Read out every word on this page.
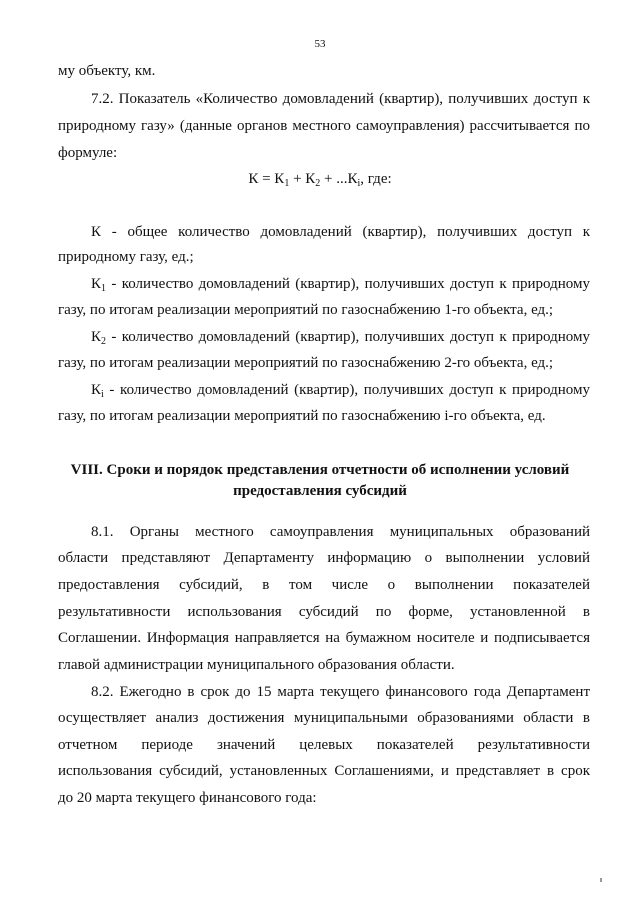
53
му объекту, км.
7.2. Показатель «Количество домовладений (квартир), получивших доступ к
природному газу» (данные органов местного самоуправления) рассчитывается по
формуле:
$К = К_1 + К_2 + ...К_i$, где:
К - общее количество домовладений (квартир), получивших доступ к
природному газу, ед.;
$К_1$ - количество домовладений (квартир), получивших доступ к природному
газу, по итогам реализации мероприятий по газоснабжению 1-го объекта, ед.;
$К_2$ - количество домовладений (квартир), получивших доступ к природному
газу, по итогам реализации мероприятий по газоснабжению 2-го объекта, ед.;
$К_i$ - количество домовладений (квартир), получивших доступ к природному
газу, по итогам реализации мероприятий по газоснабжению i-го объекта, ед.
VIII. Сроки и порядок представления отчетности об исполнении условий
предоставления субсидий
8.1. Органы местного самоуправления муниципальных образований
области представляют Департаменту информацию о выполнении условий
предоставления субсидий, в том числе о выполнении показателей
результативности использования субсидий по форме, установленной в
Соглашении. Информация направляется на бумажном носителе и подписывается
главой администрации муниципального образования области.
8.2. Ежегодно в срок до 15 марта текущего финансового года Департамент
осуществляет анализ достижения муниципальными образованиями области в
отчетном периоде значений целевых показателей результативности
использования субсидий, установленных Соглашениями, и представляет в срок
до 20 марта текущего финансового года:
